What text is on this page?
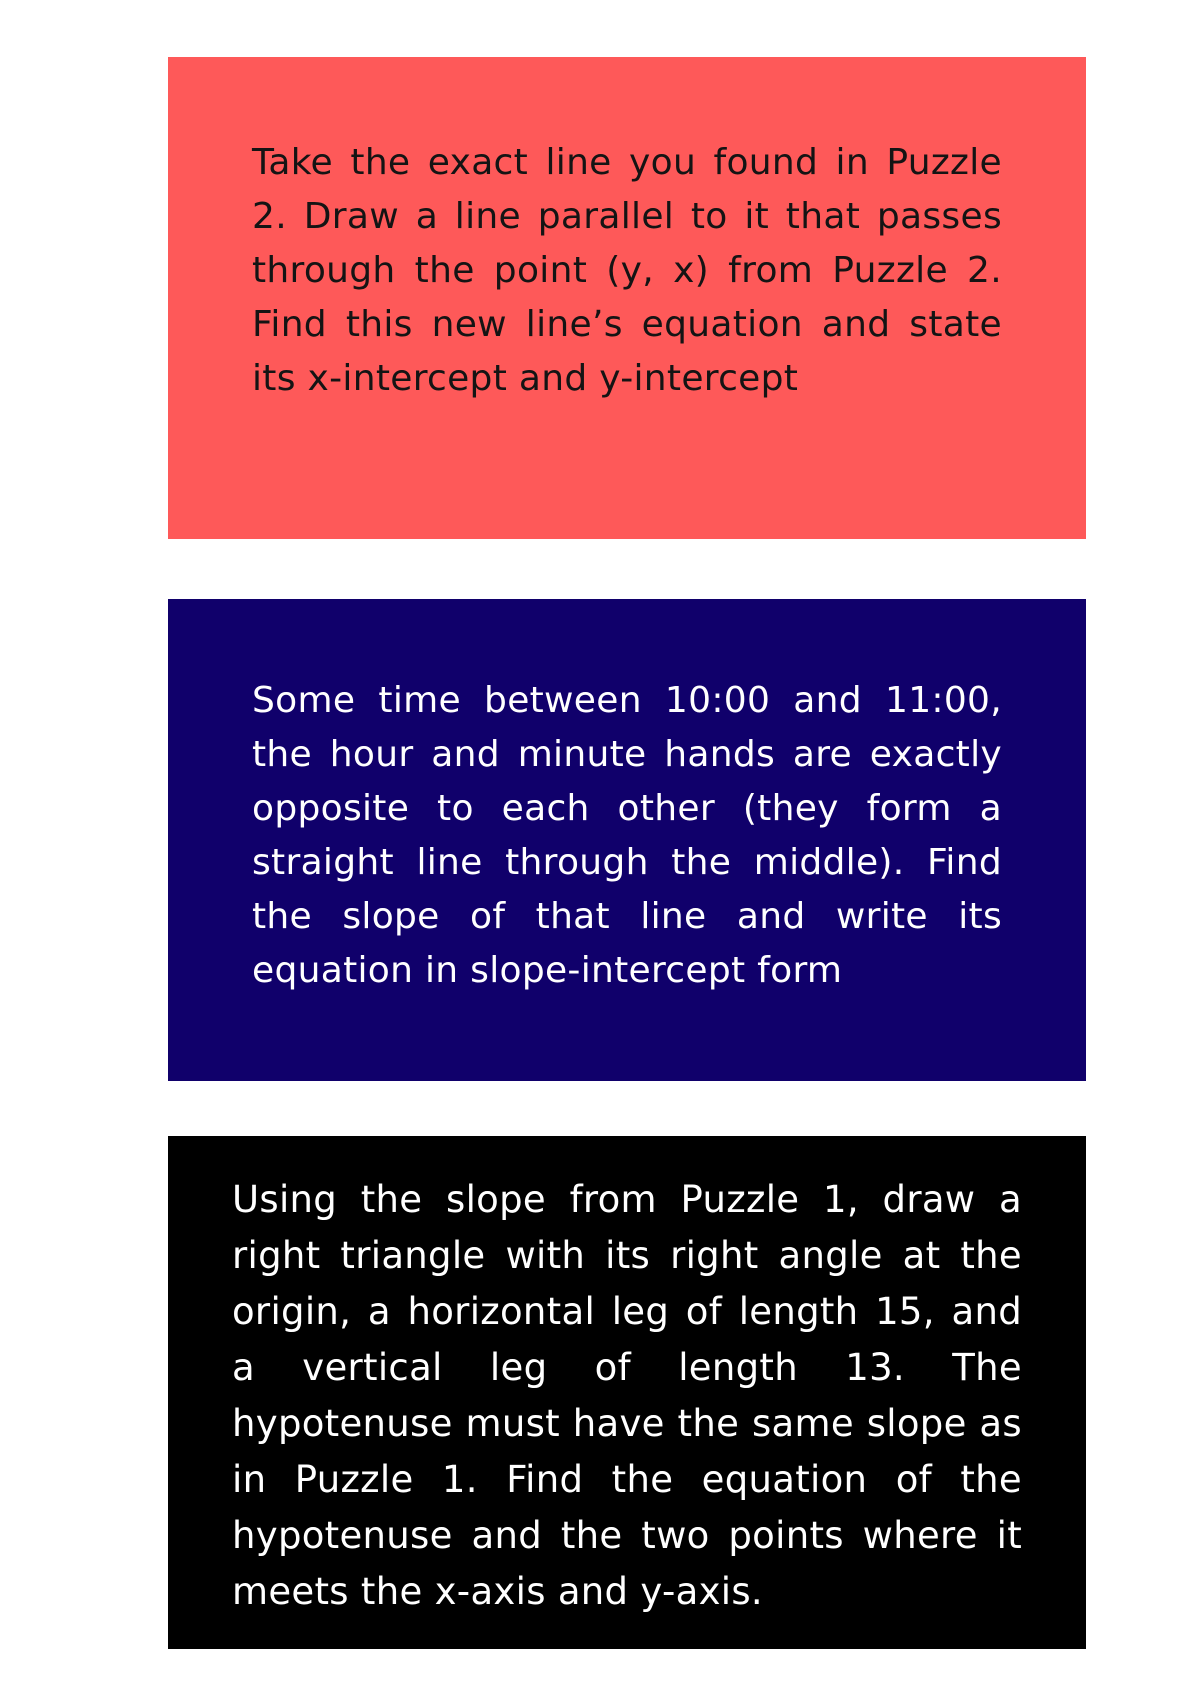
Take the exact line you found in Puzzle 2. Draw a line parallel to it that passes through the point (y, x) from Puzzle 2. Find this new line’s equation and state its x-intercept and y-intercept

Some time between 10:00 and 11:00, the hour and minute hands are exactly opposite to each other (they form a straight line through the middle). Find the slope of that line and write its equation in slope-intercept form

Using the slope from Puzzle 1, draw a right triangle with its right angle at the origin, a horizontal leg of length 15, and a vertical leg of length 13. The hypotenuse must have the same slope as in Puzzle 1. Find the equation of the hypotenuse and the two points where it meets the x-axis and y-axis.
